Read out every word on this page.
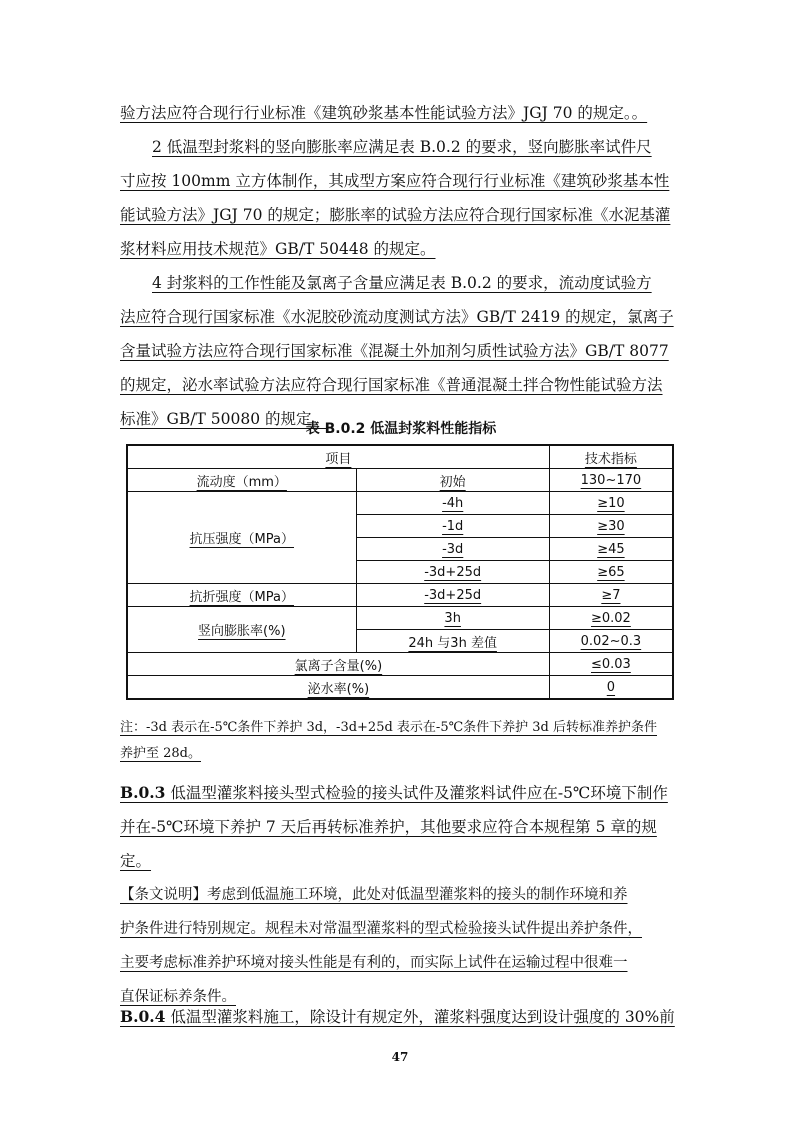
验方法应符合现行行业标准《建筑砂浆基本性能试验方法》JGJ 70 的规定。。
2 低温型封浆料的竖向膨胀率应满足表 B.0.2 的要求，竖向膨胀率试件尺
寸应按 100mm 立方体制作，其成型方案应符合现行行业标准《建筑砂浆基本性
能试验方法》JGJ 70 的规定；膨胀率的试验方法应符合现行国家标准《水泥基灌
浆材料应用技术规范》GB/T 50448 的规定。
4 封浆料的工作性能及氯离子含量应满足表 B.0.2 的要求，流动度试验方
法应符合现行国家标准《水泥胶砂流动度测试方法》GB/T 2419 的规定，氯离子
含量试验方法应符合现行国家标准《混凝土外加剂匀质性试验方法》GB/T 8077
的规定，泌水率试验方法应符合现行国家标准《普通混凝土拌合物性能试验方法
标准》GB/T 50080 的规定。
表 B.0.2 低温封浆料性能指标
项目		技术指标
流动度（mm）	初始	130~170
抗压强度（MPa）	-4h	≥10
	-1d	≥30
	-3d	≥45
	-3d+25d	≥65
抗折强度（MPa）	-3d+25d	≥7
竖向膨胀率(%)	3h	≥0.02
	24h 与3h 差值	0.02~0.3
氯离子含量(%)		≤0.03
泌水率(%)		0
注：-3d 表示在-5℃条件下养护 3d，-3d+25d 表示在-5℃条件下养护 3d 后转标准养护条件
养护至 28d。
B.0.3 低温型灌浆料接头型式检验的接头试件及灌浆料试件应在-5℃环境下制作
并在-5℃环境下养护 7 天后再转标准养护，其他要求应符合本规程第 5 章的规
定。
【条文说明】考虑到低温施工环境，此处对低温型灌浆料的接头的制作环境和养
护条件进行特别规定。规程未对常温型灌浆料的型式检验接头试件提出养护条件，
主要考虑标准养护环境对接头性能是有利的，而实际上试件在运输过程中很难一
直保证标养条件。
B.0.4 低温型灌浆料施工，除设计有规定外，灌浆料强度达到设计强度的 30%前
47
